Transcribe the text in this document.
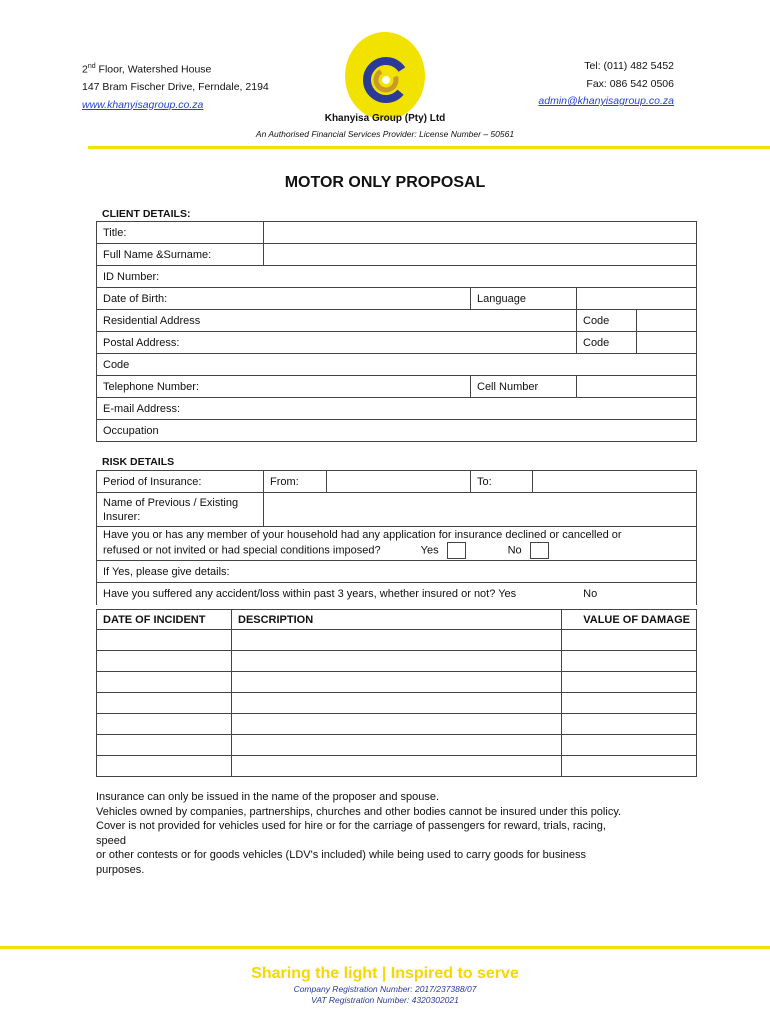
2nd Floor, Watershed House
147 Bram Fischer Drive, Ferndale, 2194
www.khanyisagroup.co.za
Khanyisa Group (Pty) Ltd
Tel: (011) 482 5452
Fax: 086 542 0506
admin@khanyisagroup.co.za
An Authorised Financial Services Provider: License Number – 50561
MOTOR ONLY PROPOSAL
CLIENT DETAILS:
Title:				
Full Name &Surname:				
ID Number:				
Date of Birth:		Language		
Residential Address			Code	
Postal Address:			Code	
Code				
Telephone Number:		Cell Number		
E-mail Address:				
Occupation				
RISK DETAILS
Period of Insurance:	From:		To:	
Name of Previous / Existing
Insurer:				

Have you or has any member of your household had any application for insurance declined or cancelled or
refused or not invited or had special conditions imposed? Yes No				

If Yes, please give details:				
Have you suffered any accident/loss within past 3 years, whether insured or not? Yes No				
DATE OF INCIDENT	DESCRIPTION	VALUE OF DAMAGE

Insurance can only be issued in the name of the proposer and spouse.
Vehicles owned by companies, partnerships, churches and other bodies cannot be insured under this policy.
Cover is not provided for vehicles used for hire or for the carriage of passengers for reward, trials, racing,
speed
or other contests or for goods vehicles (LDV's included) while being used to carry goods for business
purposes.
Sharing the light | Inspired to serve
Company Registration Number: 2017/237388/07
VAT Registration Number: 4320302021
